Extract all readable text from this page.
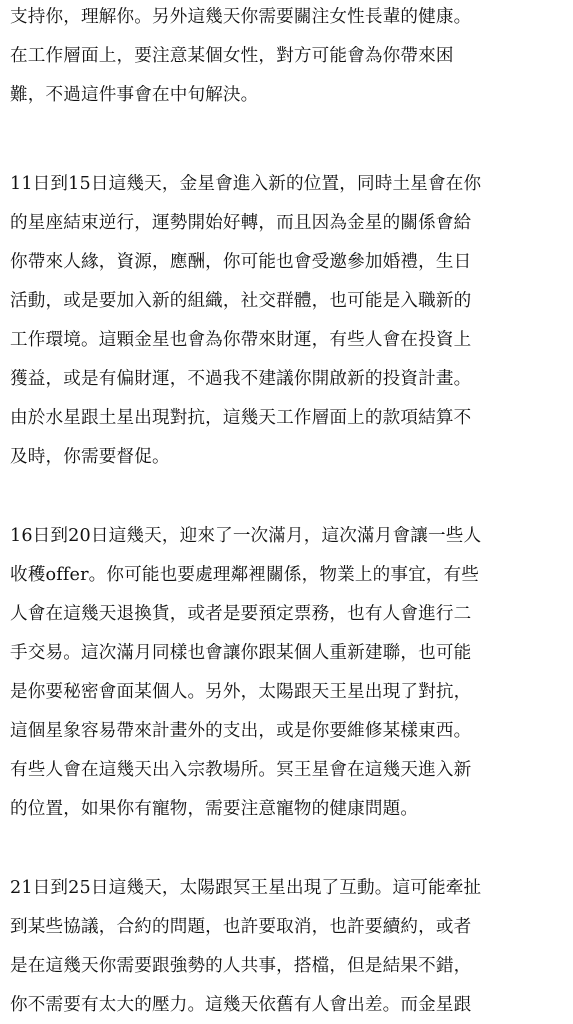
支持你，理解你。另外這幾天你需要關注女性長輩的健康。
在工作層面上，要注意某個女性，對方可能會為你帶來困
難，不過這件事會在中旬解決。
11日到15日這幾天，金星會進入新的位置，同時土星會在你
的星座結束逆行，運勢開始好轉，而且因為金星的關係會給
你帶來人緣，資源，應酬，你可能也會受邀參加婚禮，生日
活動，或是要加入新的組織，社交群體，也可能是入職新的
工作環境。這顆金星也會為你帶來財運，有些人會在投資上
獲益，或是有偏財運，不過我不建議你開啟新的投資計畫。
由於水星跟土星出現對抗，這幾天工作層面上的款項結算不
及時，你需要督促。
16日到20日這幾天，迎來了一次滿月，這次滿月會讓一些人
收穫offer。你可能也要處理鄰裡關係，物業上的事宜，有些
人會在這幾天退換貨，或者是要預定票務，也有人會進行二
手交易。這次滿月同樣也會讓你跟某個人重新建聯，也可能
是你要秘密會面某個人。另外，太陽跟天王星出現了對抗，
這個星象容易帶來計畫外的支出，或是你要維修某樣東西。
有些人會在這幾天出入宗教場所。冥王星會在這幾天進入新
的位置，如果你有寵物，需要注意寵物的健康問題。
21日到25日這幾天，太陽跟冥王星出現了互動。這可能牽扯
到某些協議，合約的問題，也許要取消，也許要續約，或者
是在這幾天你需要跟強勢的人共事，搭檔，但是結果不錯，
你不需要有太大的壓力。這幾天依舊有人會出差。而金星跟
